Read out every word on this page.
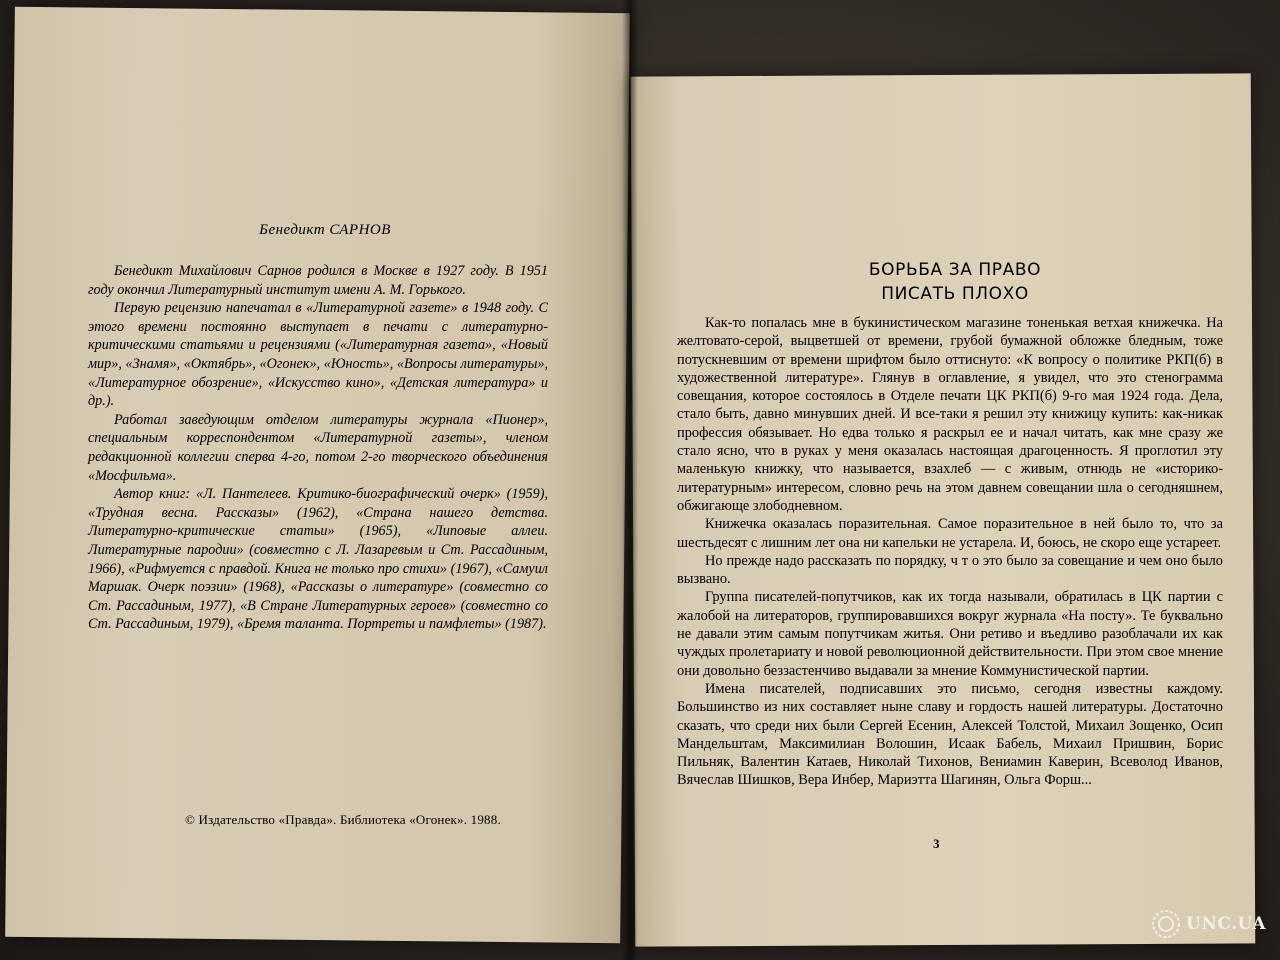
Бенедикт САРНОВ

Бенедикт Михайлович Сарнов родился в Москве в 1927 году. В 1951 году окончил Литературный институт имени А. М. Горького.

Первую рецензию напечатал в «Литературной газете» в 1948 году. С этого времени постоянно выступает в печати с литературно-критическими статьями и рецензиями («Литературная газета», «Новый мир», «Знамя», «Октябрь», «Огонек», «Юность», «Вопросы литературы», «Литературное обозрение», «Искусство кино», «Детская литература» и др.).

Работал заведующим отделом литературы журнала «Пионер», специальным корреспондентом «Литературной газеты», членом редакционной коллегии сперва 4-го, потом 2-го творческого объединения «Мосфильма».

Автор книг: «Л. Пантелеев. Критико-биографический очерк» (1959), «Трудная весна. Рассказы» (1962), «Страна нашего детства. Литературно-критические статьи» (1965), «Липовые аллеи. Литературные пародии» (совместно с Л. Лазаревым и Ст. Рассадиным, 1966), «Рифмуется с правдой. Книга не только про стихи» (1967), «Самуил Маршак. Очерк поэзии» (1968), «Рассказы о литературе» (совместно со Ст. Рассадиным, 1977), «В Стране Литературных героев» (совместно со Ст. Рассадиным, 1979), «Бремя таланта. Портреты и памфлеты» (1987).

© Издательство «Правда». Библиотека «Огонек». 1988.
БОРЬБА ЗА ПРАВО
ПИСАТЬ ПЛОХО

Как-то попалась мне в букинистическом магазине тоненькая ветхая книжечка. На желтовато-серой, выцветшей от времени, грубой бумажной обложке бледным, тоже потускневшим от времени шрифтом было оттиснуто: «К вопросу о политике РКП(б) в художественной литературе». Глянув в оглавление, я увидел, что это стенограмма совещания, которое состоялось в Отделе печати ЦК РКП(б) 9-го мая 1924 года. Дела, стало быть, давно минувших дней. И все-таки я решил эту книжицу купить: как-никак профессия обязывает. Но едва только я раскрыл ее и начал читать, как мне сразу же стало ясно, что в руках у меня оказалась настоящая драгоценность. Я проглотил эту маленькую книжку, что называется, взахлеб — с живым, отнюдь не «историко-литературным» интересом, словно речь на этом давнем совещании шла о сегодняшнем, обжигающе злободневном.

Книжечка оказалась поразительная. Самое поразительное в ней было то, что за шестьдесят с лишним лет она ни капельки не устарела. И, боюсь, не скоро еще устареет.

Но прежде надо рассказать по порядку, ч т о это было за совещание и чем оно было вызвано.

Группа писателей-попутчиков, как их тогда называли, обратилась в ЦК партии с жалобой на литераторов, группировавшихся вокруг журнала «На посту». Те буквально не давали этим самым попутчикам житья. Они ретиво и въедливо разоблачали их как чуждых пролетариату и новой революционной действительности. При этом свое мнение они довольно беззастенчиво выдавали за мнение Коммунистической партии.

Имена писателей, подписавших это письмо, сегодня известны каждому. Большинство из них составляет ныне славу и гордость нашей литературы. Достаточно сказать, что среди них были Сергей Есенин, Алексей Толстой, Михаил Зощенко, Осип Мандельштам, Максимилиан Волошин, Исаак Бабель, Михаил Пришвин, Борис Пильняк, Валентин Катаев, Николай Тихонов, Вениамин Каверин, Всеволод Иванов, Вячеслав Шишков, Вера Инбер, Мариэтта Шагинян, Ольга Форш...

3
UNC.UA
